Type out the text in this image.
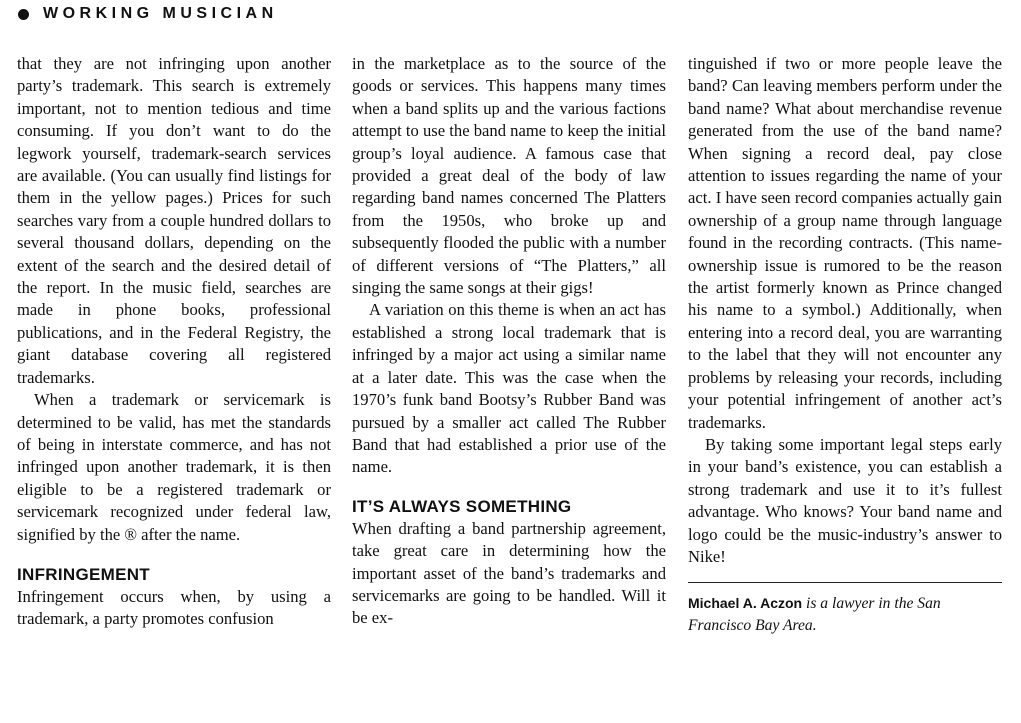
WORKING MUSICIAN

that they are not infringing upon another party’s trademark. This search is extremely important, not to mention tedious and time consuming. If you don’t want to do the legwork yourself, trademark-search services are available. (You can usually find listings for them in the yellow pages.) Prices for such searches vary from a couple hundred dollars to several thousand dollars, depending on the extent of the search and the desired detail of the report. In the music field, searches are made in phone books, professional publications, and in the Federal Registry, the giant database covering all registered trademarks.

When a trademark or servicemark is determined to be valid, has met the standards of being in interstate commerce, and has not infringed upon another trademark, it is then eligible to be a registered trademark or servicemark recognized under federal law, signified by the ® after the name.

INFRINGEMENT

Infringement occurs when, by using a trademark, a party promotes confusion

in the marketplace as to the source of the goods or services. This happens many times when a band splits up and the various factions attempt to use the band name to keep the initial group’s loyal audience. A famous case that provided a great deal of the body of law regarding band names concerned The Platters from the 1950s, who broke up and subsequently flooded the public with a number of different versions of “The Platters,” all singing the same songs at their gigs!

A variation on this theme is when an act has established a strong local trademark that is infringed by a major act using a similar name at a later date. This was the case when the 1970’s funk band Bootsy’s Rubber Band was pursued by a smaller act called The Rubber Band that had established a prior use of the name.

IT’S ALWAYS SOMETHING

When drafting a band partnership agreement, take great care in determining how the important asset of the band’s trademarks and servicemarks are going to be handled. Will it be ex-

tinguished if two or more people leave the band? Can leaving members perform under the band name? What about merchandise revenue generated from the use of the band name? When signing a record deal, pay close attention to issues regarding the name of your act. I have seen record companies actually gain ownership of a group name through language found in the recording contracts. (This name-ownership issue is rumored to be the reason the artist formerly known as Prince changed his name to a symbol.) Additionally, when entering into a record deal, you are warranting to the label that they will not encounter any problems by releasing your records, including your potential infringement of another act’s trademarks.

By taking some important legal steps early in your band’s existence, you can establish a strong trademark and use it to it’s fullest advantage. Who knows? Your band name and logo could be the music-industry’s answer to Nike!

Michael A. Aczon is a lawyer in the San Francisco Bay Area.
